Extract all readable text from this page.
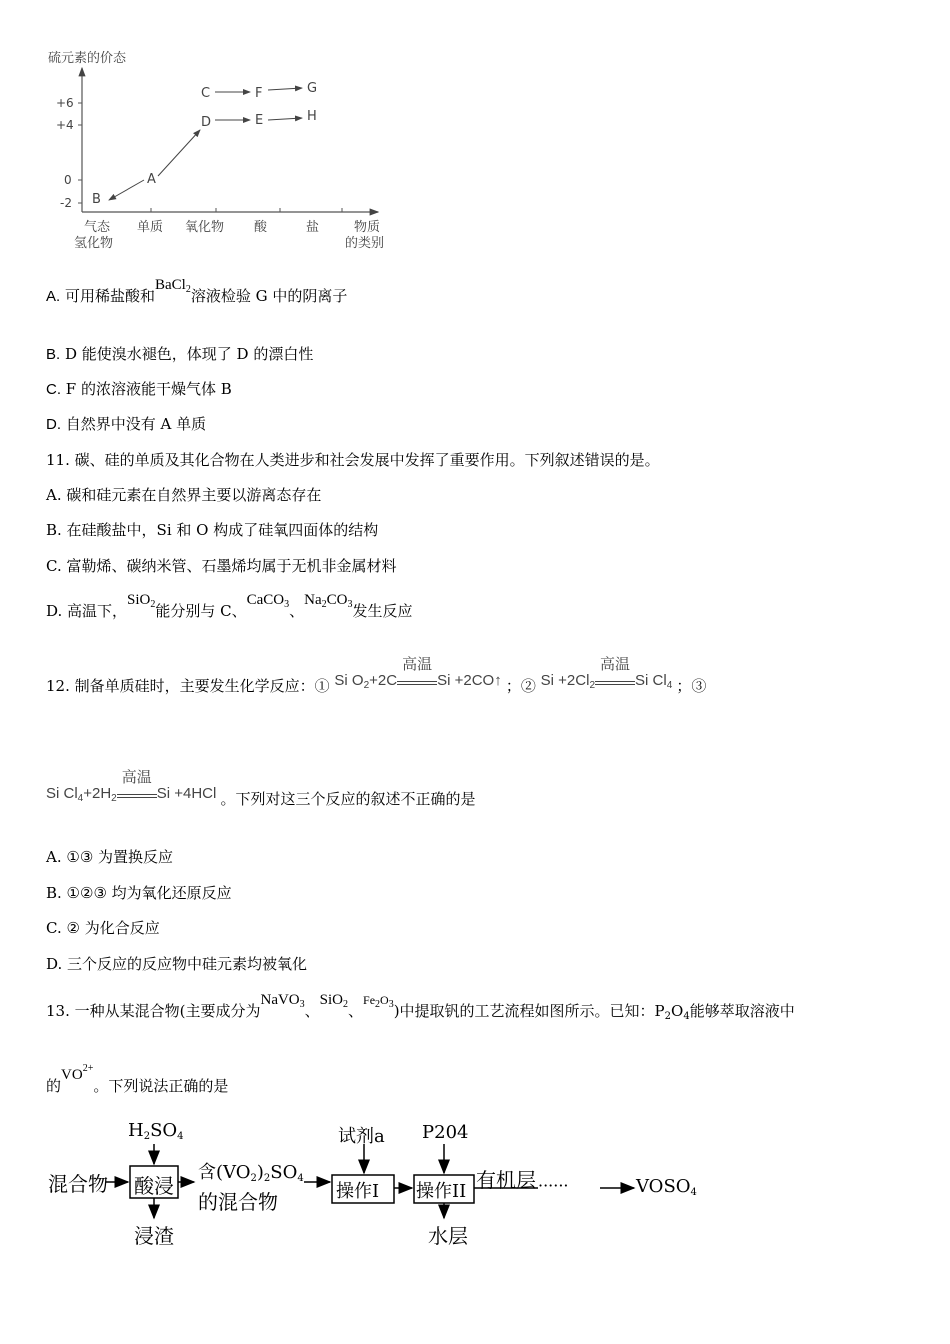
硫元素的价态
+6
+4
0
-2
气态
氢化物
单质 氧化物 酸	盐	物质
的类别
B
A
C
D
F
E
G
H
A. 可用稀盐酸和BaCl$_2$溶液检验 G 中的阴离子
B. D 能使溴水褪色，体现了 D 的漂白性
C. F 的浓溶液能干燥气体 B
D. 自然界中没有 A 单质
11. 碳、硅的单质及其化合物在人类进步和社会发展中发挥了重要作用。下列叙述错误的是。
A. 碳和硅元素在自然界主要以游离态存在
B. 在硅酸盐中，Si 和 O 构成了硅氧四面体的结构
C. 富勒烯、碳纳米管、石墨烯均属于无机非金属材料
D. 高温下，SiO$_2$能分别与 C、CaCO$_3$、$Na_2CO_3$发生反应
12. 制备单质硅时，主要发生化学反应：① Si $O_2+2C$
高温
Si +2CO↑ ；② $Si +2Cl_2$
高温
Si $Cl_4$ ；③
Si $Cl_4+2H_2$
高温
Si +4HCl 。下列对这三个反应的叙述不正确的是
A. ①③ 为置换反应
B. ①②③ 均为氧化还原反应
C. ② 为化合反应
D. 三个反应的反应物中硅元素均被氧化
13. 一种从某混合物(主要成分为NaVO$_3$、SiO$_2$、$^{Fe_2O_3}$)中提取钒的工艺流程如图所示。已知：$P_2O_4$能够萃取溶液中
的$VO^{2+}$。下列说法正确的是
$H_2SO_4$
混合物 酸浸
浸渣
含$(VO_2)_2SO_4$
的混合物
试剂a
操作I
P204
操作II
水层
有机层 ······	$VOSO_4$
